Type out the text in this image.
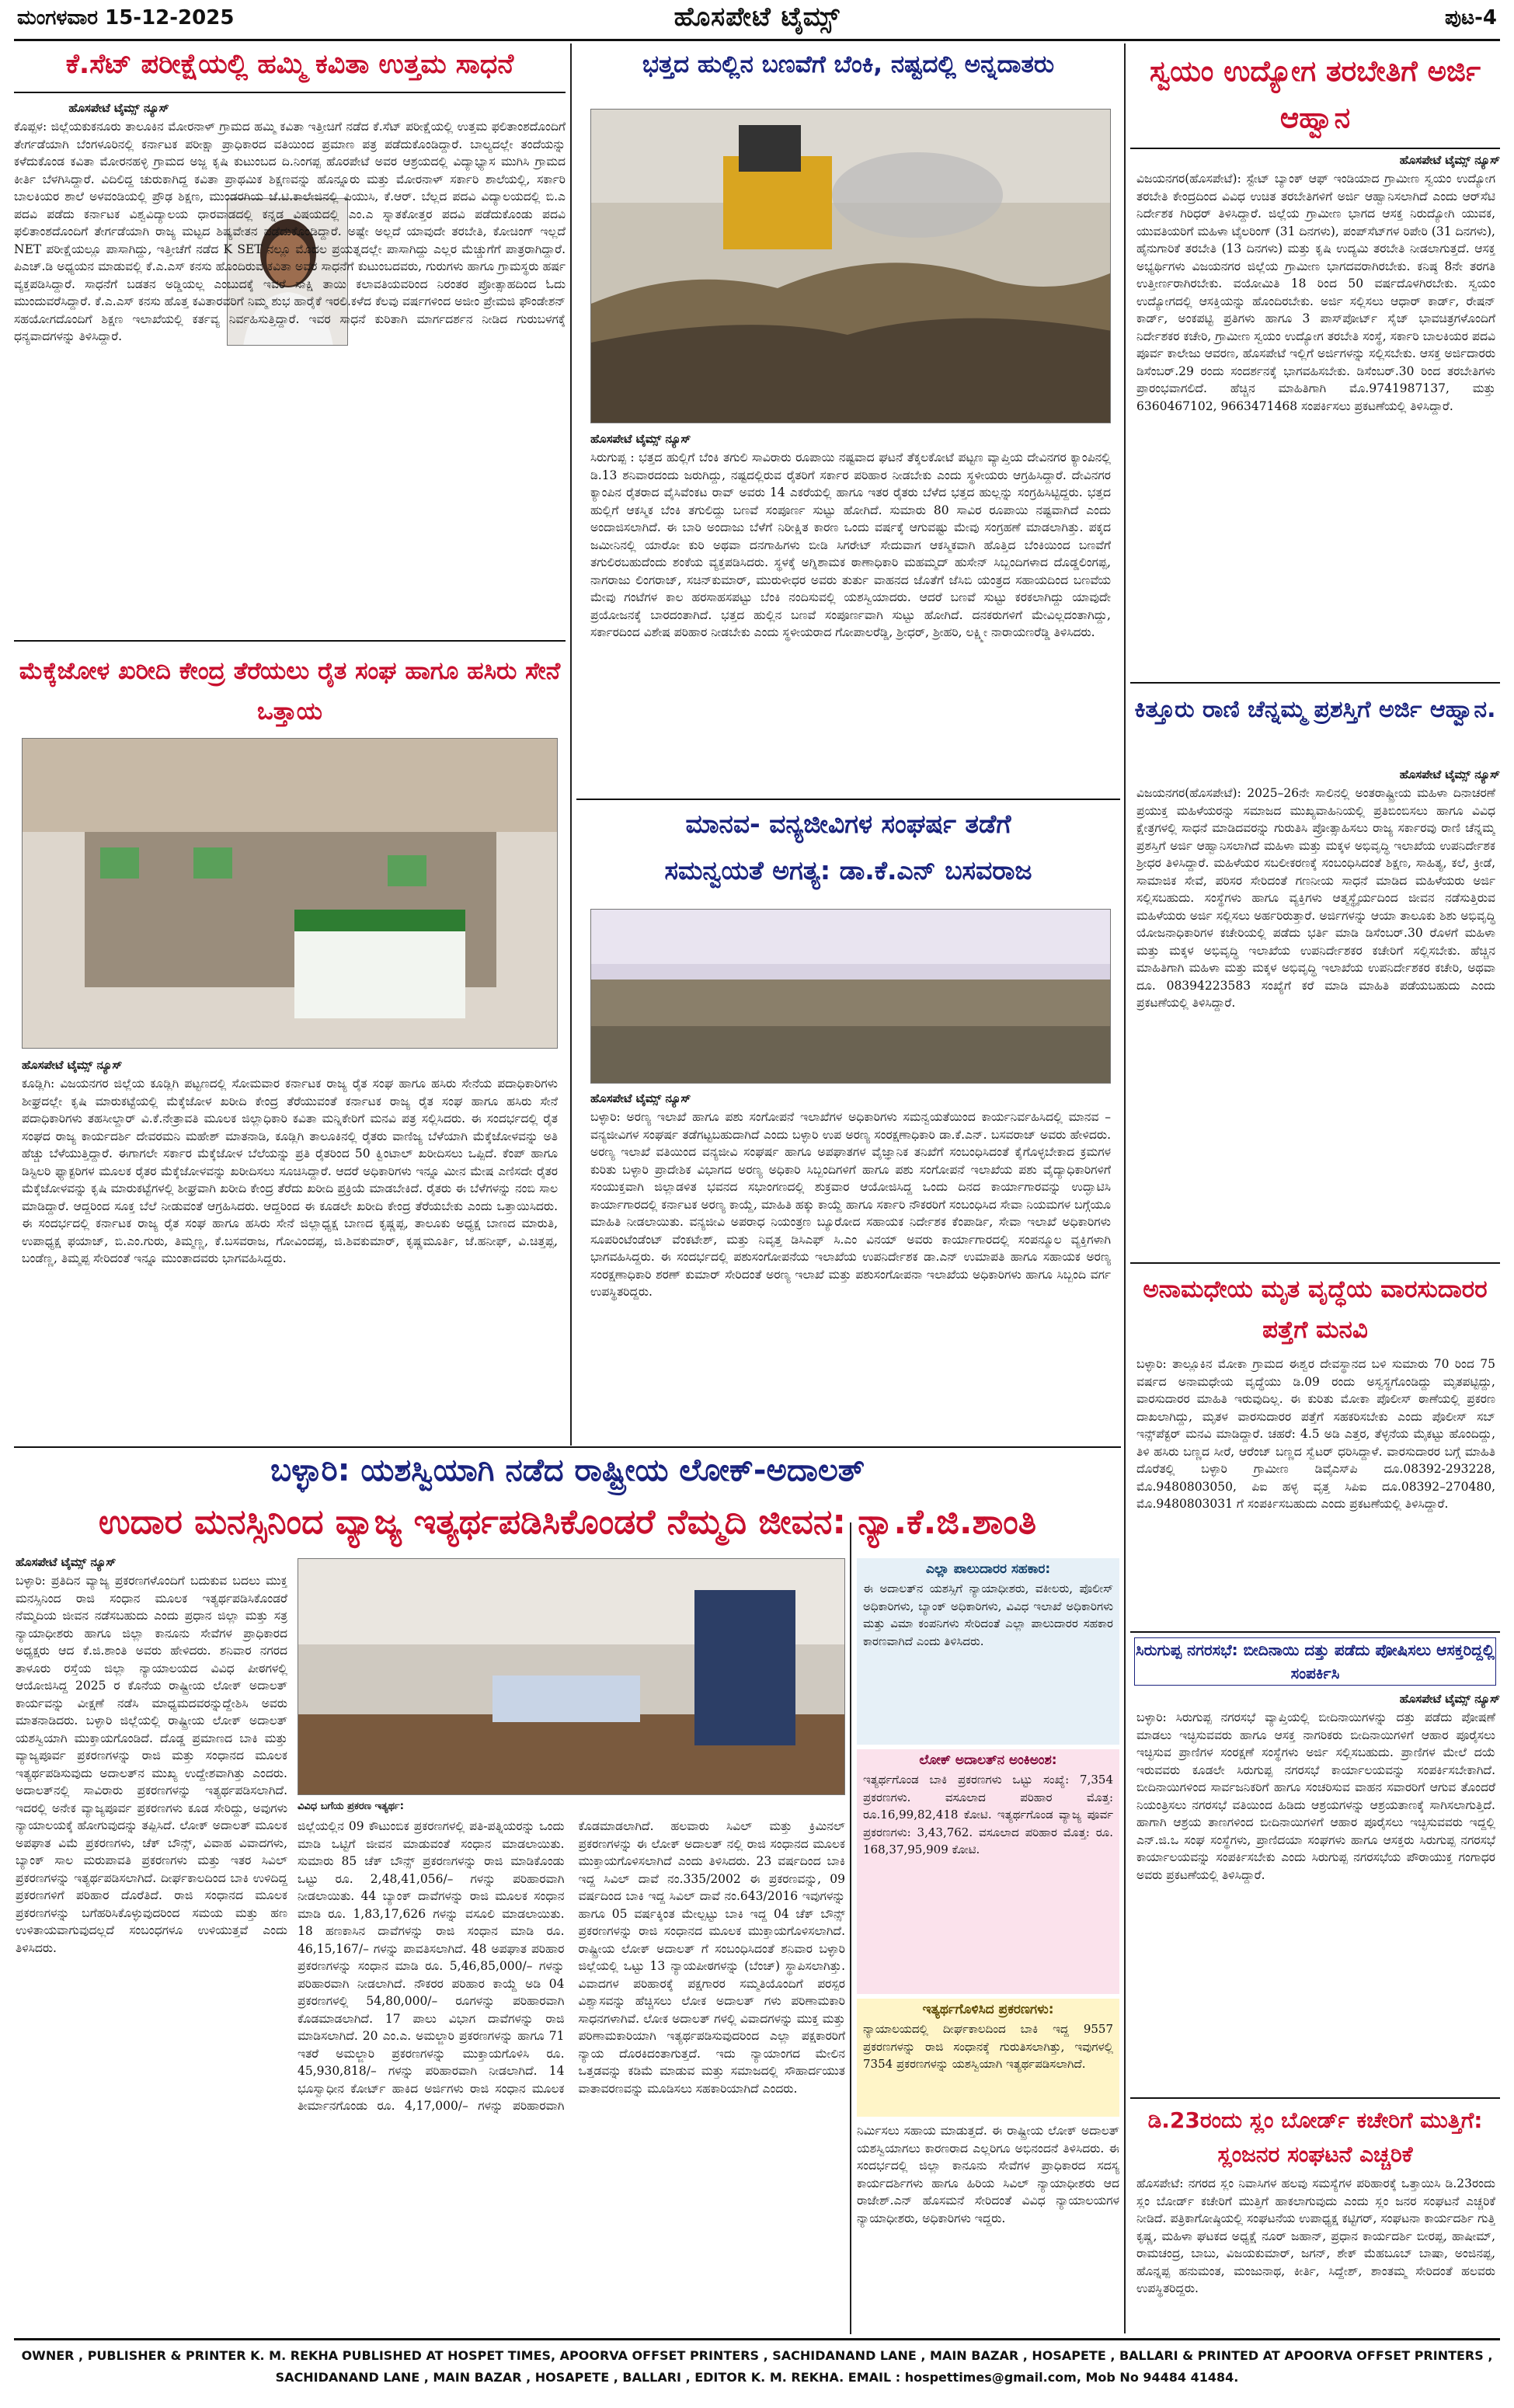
ಮಂಗಳವಾರ 15-12-2025	ಹೊಸಪೇಟೆ ಟೈಮ್ಸ್	ಪುಟ-4
ಕೆ.ಸೆಟ್ ಪರೀಕ್ಷೆಯಲ್ಲಿ ಹಮ್ಮಿ ಕವಿತಾ ಉತ್ತಮ ಸಾಧನೆ
ಹೊಸಪೇಟೆ ಟೈಮ್ಸ್ ನ್ಯೂಸ್
ಕೊಪ್ಪಳ: ಜಿಲ್ಲೆಯಕುಕನೂರು ತಾಲೂಕಿನ ಮೋರನಾಳ್ ಗ್ರಾಮದ ಹಮ್ಮಿ ಕವಿತಾ ಇತ್ತೀಚಿಗೆ ನಡೆದ ಕೆ.ಸೆಟ್ ಪರೀಕ್ಷೆಯಲ್ಲಿ ಉತ್ತಮ ಫಲಿತಾಂಶದೊಂದಿಗೆ ತೇರ್ಗಡೆಯಾಗಿ ಬೆಂಗಳೂರಿನಲ್ಲಿ ಕರ್ನಾಟಕ ಪರೀಕ್ಷಾ ಪ್ರಾಧಿಕಾರದ ವತಿಯಿಂದ ಪ್ರಮಾಣ ಪತ್ರ ಪಡೆದುಕೊಂಡಿದ್ದಾರೆ. ಬಾಲ್ಯದಲ್ಲೇ ತಂದೆಯನ್ನು ಕಳೆದುಕೊಂಡ ಕವಿತಾ ಮೋರನಹಳ್ಳಿ ಗ್ರಾಮದ ಅಜ್ಜ ಕೃಷಿ ಕುಟುಂಬದ ದಿ.ನಿಂಗಪ್ಪ ಹೊರಪೇಟೆ ಅವರ ಆಶ್ರಯದಲ್ಲಿ ವಿದ್ಯಾಭ್ಯಾಸ ಮುಗಿಸಿ ಗ್ರಾಮದ ಕೀರ್ತಿ ಬೆಳಗಿಸಿದ್ದಾರೆ. ವಿದಿಲಿದ್ದ ಚುರುಕಾಗಿದ್ದ ಕವಿತಾ ಪ್ರಾಥಮಿಕ ಶಿಕ್ಷಣವನ್ನು ಹೊನ್ನೂರು ಮತ್ತು ಮೋರನಾಳ್ ಸರ್ಕಾರಿ ಶಾಲೆಯಲ್ಲಿ, ಸರ್ಕಾರಿ ಬಾಲಕಿಯರ ಶಾಲೆ ಅಳವಂಡಿಯಲ್ಲಿ ಪ್ರೌಢ ಶಿಕ್ಷಣ, ಮುಂಡರಗಿಯ ಜೆ.ಟಿ.ಕಾಲೇಜಿನಲ್ಲಿ ಪಿಯುಸಿ, ಕೆ.ಆರ್. ಬೆಲ್ಲದ ಪದವಿ ವಿದ್ಯಾಲಯದಲ್ಲಿ ಬಿ.ಎ ಪದವಿ ಪಡೆದು ಕರ್ನಾಟಕ ವಿಶ್ವವಿದ್ಯಾಲಯ ಧಾರವಾಡದಲ್ಲಿ ಕನ್ನಡ ವಿಷಯದಲ್ಲಿ ಎಂ.ಎ ಸ್ನಾತಕೋತ್ತರ ಪದವಿ ಪಡೆದುಕೊಂಡು ಪದವಿ ಫಲಿತಾಂಶದೊಂದಿಗೆ ತೇರ್ಗಡೆಯಾಗಿ ರಾಜ್ಯ ಮಟ್ಟದ ಶಿಷ್ಯವೇತನ ಪಡೆದುಕೊಂಡಿದ್ದಾರೆ. ಅಷ್ಟೇ ಅಲ್ಲದೆ ಯಾವುದೇ ತರಬೇತಿ, ಕೋಚಿಂಗ್ ಇಲ್ಲದೆ NET ಪರೀಕ್ಷೆಯಲ್ಲೂ ಪಾಸಾಗಿದ್ದು, ಇತ್ತೀಚೆಗೆ ನಡೆದ K SET ನಲ್ಲೂ ಮೊದಲ ಪ್ರಯತ್ನದಲ್ಲೇ ಪಾಸಾಗಿದ್ದು ಎಲ್ಲರ ಮೆಚ್ಚುಗೆಗೆ ಪಾತ್ರರಾಗಿದ್ದಾರೆ. ಪಿಎಚ್.ಡಿ ಅಧ್ಯಯನ ಮಾಡುವಲ್ಲಿ ಕೆ.ಎ.ಎಸ್ ಕನಸು ಹೊಂದಿರುವ ಕವಿತಾ ಅವರ ಸಾಧನೆಗೆ ಕುಟುಂಬದವರು, ಗುರುಗಳು ಹಾಗೂ ಗ್ರಾಮಸ್ಥರು ಹರ್ಷ ವ್ಯಕ್ತಪಡಿಸಿದ್ದಾರೆ. ಸಾಧನೆಗೆ ಬಡತನ ಅಡ್ಡಿಯಲ್ಲ ಎಂಬುದಕ್ಕೆ ಇವರೆ ಸಾಕ್ಷಿ ತಾಯಿ ಕಲಾವತಿಯವರಿಂದ ನಿರಂತರ ಪ್ರೋತ್ಸಾಹದಿಂದ ಓದು ಮುಂದುವರೆಸಿದ್ದಾರೆ. ಕೆ.ಎ.ಎಸ್ ಕನಸು ಹೊತ್ತ ಕವಿತಾರವರಿಗೆ ನಿಮ್ಮ ಶುಭ ಹಾರೈಕೆ ಇರಲಿ.ಕಳೆದ ಕೆಲವು ವರ್ಷಗಳಿಂದ ಅಜೀಂ ಪ್ರೇಮಜಿ ಫೌಂಡೇಶನ್ ಸಹಯೋಗದೊಂದಿಗೆ ಶಿಕ್ಷಣ ಇಲಾಖೆಯಲ್ಲಿ ಕರ್ತವ್ಯ ನಿರ್ವಹಿಸುತ್ತಿದ್ದಾರೆ. ಇವರ ಸಾಧನೆ ಕುರಿತಾಗಿ ಮಾರ್ಗದರ್ಶನ ನೀಡಿದ ಗುರುಬಳಗಕ್ಕೆ ಧನ್ಯವಾದಗಳನ್ನು ತಿಳಿಸಿದ್ದಾರೆ.
ಭತ್ತದ ಹುಲ್ಲಿನ ಬಣವೆಗೆ ಬೆಂಕಿ, ನಷ್ಟದಲ್ಲಿ ಅನ್ನದಾತರು
ಹೊಸಪೇಟೆ ಟೈಮ್ಸ್ ನ್ಯೂಸ್
ಸಿರುಗುಪ್ಪ : ಭತ್ತದ ಹುಲ್ಲಿಗೆ ಬೆಂಕಿ ತಗುಲಿ ಸಾವಿರಾರು ರೂಪಾಯಿ ನಷ್ಟವಾದ ಘಟನೆ ತೆಕ್ಕಲಕೋಟೆ ಪಟ್ಟಣ ವ್ಯಾಪ್ತಿಯ ದೇವಿನಗರ ಕ್ಯಾಂಪಿನಲ್ಲಿ ಡಿ.13 ಶನಿವಾರದಂದು ಜರುಗಿದ್ದು, ನಷ್ಟದಲ್ಲಿರುವ ರೈತರಿಗೆ ಸರ್ಕಾರ ಪರಿಹಾರ ನೀಡಬೇಕು ಎಂದು ಸ್ಥಳೀಯರು ಆಗ್ರಹಿಸಿದ್ದಾರೆ. ದೇವಿನಗರ ಕ್ಯಾಂಪಿನ ರೈತರಾದ ವೈಸಿವೆಂಕಟ ರಾವ್ ಅವರು 14 ಎಕರೆಯಲ್ಲಿ ಹಾಗೂ ಇತರ ರೈತರು ಬೆಳೆದ ಭತ್ತದ ಹುಲ್ಲನ್ನು ಸಂಗ್ರಹಿಸಿಟ್ಟಿದ್ದರು. ಭತ್ತದ ಹುಲ್ಲಿಗೆ ಆಕಸ್ಮಿಕ ಬೆಂಕಿ ತಗುಲಿದ್ದು ಬಣವೆ ಸಂಪೂರ್ಣ ಸುಟ್ಟು ಹೋಗಿದೆ. ಸುಮಾರು 80 ಸಾವಿರ ರೂಪಾಯಿ ನಷ್ಟವಾಗಿದೆ ಎಂದು ಅಂದಾಜಿಸಲಾಗಿದೆ. ಈ ಬಾರಿ ಅಂದಾಜು ಬೆಳೆಗೆ ನಿರೀಕ್ಷಿತ ಕಾರಣ ಒಂದು ವರ್ಷಕ್ಕೆ ಆಗುವಷ್ಟು ಮೇವು ಸಂಗ್ರಹಣೆ ಮಾಡಲಾಗಿತ್ತು. ಪಕ್ಕದ ಜಮೀನಿನಲ್ಲಿ ಯಾರೋ ಕುರಿ ಅಥವಾ ದನಗಾಹಿಗಳು ಬೀಡಿ ಸಿಗರೇಟ್ ಸೇದುವಾಗ ಆಕಸ್ಮಿಕವಾಗಿ ಹೊತ್ತಿದ ಬೆಂಕಿಯಿಂದ ಬಣವೆಗೆ ತಗುಲಿರಬಹುದೆಂದು ಶಂಕೆಯ ವ್ಯಕ್ತಪಡಿಸಿದರು. ಸ್ಥಳಕ್ಕೆ ಅಗ್ನಿಶಾಮಕ ಠಾಣಾಧಿಕಾರಿ ಮಹಮ್ಮದ್ ಹುಸೇನ್ ಸಿಬ್ಬಂದಿಗಳಾದ ದೊಡ್ಡಲಿಂಗಪ್ಪ, ನಾಗರಾಜು ಲಿಂಗರಾಜ್, ಸಚಿನ್‌ಕುಮಾರ್, ಮುರುಳೀಧರ ಅವರು ತುರ್ತು ವಾಹನದ ಜೊತೆಗೆ ಜೆಸಿಬಿ ಯಂತ್ರದ ಸಹಾಯದಿಂದ ಬಣವೆಯ ಮೇವು ಗಂಟೆಗಳ ಕಾಲ ಹರಸಾಹಸಪಟ್ಟು ಬೆಂಕಿ ನಂದಿಸುವಲ್ಲಿ ಯಶಸ್ವಿಯಾದರು. ಆದರೆ ಬಣವೆ ಸುಟ್ಟು ಕರಕಲಾಗಿದ್ದು ಯಾವುದೇ ಪ್ರಯೋಜನಕ್ಕೆ ಬಾರದಂತಾಗಿದೆ. ಭತ್ತದ ಹುಲ್ಲಿನ ಬಣವೆ ಸಂಪೂರ್ಣವಾಗಿ ಸುಟ್ಟು ಹೋಗಿದೆ. ದನಕರುಗಳಿಗೆ ಮೇವಿಲ್ಲದಂತಾಗಿದ್ದು, ಸರ್ಕಾರದಿಂದ ವಿಶೇಷ ಪರಿಹಾರ ನೀಡಬೇಕು ಎಂದು ಸ್ಥಳೀಯರಾದ ಗೋಪಾಲರೆಡ್ಡಿ, ಶ್ರೀಧರ್, ಶ್ರೀಹರಿ, ಲಕ್ಷ್ಮೀ ನಾರಾಯಣರೆಡ್ಡಿ ತಿಳಿಸಿದರು.
ಮೆಕ್ಕೆಜೋಳ ಖರೀದಿ ಕೇಂದ್ರ ತೆರೆಯಲು ರೈತ ಸಂಘ ಹಾಗೂ ಹಸಿರು ಸೇನೆ ಒತ್ತಾಯ
ಹೊಸಪೇಟೆ ಟೈಮ್ಸ್ ನ್ಯೂಸ್
ಕೂಡ್ಲಿಗಿ: ವಿಜಯನಗರ ಜಿಲ್ಲೆಯ ಕೂಡ್ಲಿಗಿ ಪಟ್ಟಣದಲ್ಲಿ ಸೋಮವಾರ ಕರ್ನಾಟಕ ರಾಜ್ಯ ರೈತ ಸಂಘ ಹಾಗೂ ಹಸಿರು ಸೇನೆಯ ಪದಾಧಿಕಾರಿಗಳು ಶೀಘ್ರದಲ್ಲೇ ಕೃಷಿ ಮಾರುಕಟ್ಟೆಯಲ್ಲಿ ಮೆಕ್ಕೆಜೋಳ ಖರೀದಿ ಕೇಂದ್ರ ತೆರೆಯುವಂತೆ ಕರ್ನಾಟಕ ರಾಜ್ಯ ರೈತ ಸಂಘ ಹಾಗೂ ಹಸಿರು ಸೇನೆ ಪದಾಧಿಕಾರಿಗಳು ತಹಸೀಲ್ದಾರ್ ವಿ.ಕೆ.ನೇತ್ರಾವತಿ ಮೂಲಕ ಜಿಲ್ಲಾಧಿಕಾರಿ ಕವಿತಾ ಮನ್ನಿಕೇರಿಗೆ ಮನವಿ ಪತ್ರ ಸಲ್ಲಿಸಿದರು. ಈ ಸಂದರ್ಭದಲ್ಲಿ ರೈತ ಸಂಘದ ರಾಜ್ಯ ಕಾರ್ಯದರ್ಶಿ ದೇವರಮನಿ ಮಹೇಶ್ ಮಾತನಾಡಿ, ಕೂಡ್ಲಿಗಿ ತಾಲೂಕಿನಲ್ಲಿ ರೈತರು ವಾಣಿಜ್ಯ ಬೆಳೆಯಾಗಿ ಮೆಕ್ಕೆಜೋಳವನ್ನು ಅತಿ ಹೆಚ್ಚು ಬೆಳೆಯುತ್ತಿದ್ದಾರೆ. ಈಗಾಗಲೇ ಸರ್ಕಾರ ಮೆಕ್ಕೆಜೋಳ ಬೆಲೆಯನ್ನು ಪ್ರತಿ ರೈತರಿಂದ 50 ಕ್ವಿಂಟಾಲ್ ಖರೀದಿಸಲು ಒಪ್ಪಿದೆ. ಕೆಂಪ್ ಹಾಗೂ ಡಿಸ್ಟಿಲರಿ ಫ್ಯಾಕ್ಟರಿಗಳ ಮೂಲಕ ರೈತರ ಮೆಕ್ಕೆಜೋಳವನ್ನು ಖರೀದಿಸಲು ಸೂಚಿಸಿದ್ದಾರೆ. ಆದರೆ ಅಧಿಕಾರಿಗಳು ಇನ್ನೂ ಮೀನ ಮೇಷ ಎಣಿಸದೇ ರೈತರ ಮೆಕ್ಕೆಜೋಳವನ್ನು ಕೃಷಿ ಮಾರುಕಟ್ಟೆಗಳಲ್ಲಿ ಶೀಘ್ರವಾಗಿ ಖರೀದಿ ಕೇಂದ್ರ ತೆರೆದು ಖರೀದಿ ಪ್ರಕ್ರಿಯೆ ಮಾಡಬೇಕಿದೆ. ರೈತರು ಈ ಬೆಳೆಗಳನ್ನು ನಂಬಿ ಸಾಲ ಮಾಡಿದ್ದಾರೆ. ಆದ್ದರಿಂದ ಸೂಕ್ತ ಬೆಲೆ ನೀಡುವಂತೆ ಆಗ್ರಹಿಸಿದರು. ಆದ್ದರಿಂದ ಈ ಕೂಡಲೇ ಖರೀದಿ ಕೇಂದ್ರ ತೆರೆಯಬೇಕು ಎಂದು ಒತ್ತಾಯಿಸಿದರು. ಈ ಸಂದರ್ಭದಲ್ಲಿ ಕರ್ನಾಟಕ ರಾಜ್ಯ ರೈತ ಸಂಘ ಹಾಗೂ ಹಸಿರು ಸೇನೆ ಜಿಲ್ಲಾಧ್ಯಕ್ಷ ಬಾಣದ ಕೃಷ್ಣಪ್ಪ, ತಾಲೂಕು ಅಧ್ಯಕ್ಷ ಬಾಣದ ಮಾರುತಿ, ಉಪಾಧ್ಯಕ್ಷ ಫಯಾಜ್, ಬಿ.ಎಂ.ಗುರು, ತಿಮ್ಮಣ್ಣ, ಕೆ.ಬಸವರಾಜ, ಗೋವಿಂದಪ್ಪ, ಜಿ.ಶಿವಕುಮಾರ್, ಕೃಷ್ಣಮೂರ್ತಿ, ಜೆ.ಹನೀಫ್, ವಿ.ಚಿತ್ತಪ್ಪ, ಬಂಡೆಣ್ಣ, ತಿಮ್ಮಪ್ಪ ಸೇರಿದಂತೆ ಇನ್ನೂ ಮುಂತಾದವರು ಭಾಗವಹಿಸಿದ್ದರು.
ಮಾನವ- ವನ್ಯಜೀವಿಗಳ ಸಂಘರ್ಷ ತಡೆಗೆ
ಸಮನ್ವಯತೆ ಅಗತ್ಯ: ಡಾ.ಕೆ.ಎನ್ ಬಸವರಾಜ
ಹೊಸಪೇಟೆ ಟೈಮ್ಸ್ ನ್ಯೂಸ್
ಬಳ್ಳಾರಿ: ಅರಣ್ಯ ಇಲಾಖೆ ಹಾಗೂ ಪಶು ಸಂಗೋಪನೆ ಇಲಾಖೆಗಳ ಅಧಿಕಾರಿಗಳು ಸಮನ್ವಯತೆಯಿಂದ ಕಾರ್ಯನಿರ್ವಹಿಸಿದಲ್ಲಿ ಮಾನವ – ವನ್ಯಜೀವಿಗಳ ಸಂಘರ್ಷ ತಡೆಗಟ್ಟಬಹುದಾಗಿದೆ ಎಂದು ಬಳ್ಳಾರಿ ಉಪ ಅರಣ್ಯ ಸಂರಕ್ಷಣಾಧಿಕಾರಿ ಡಾ.ಕೆ.ಎನ್. ಬಸವರಾಜ್ ಅವರು ಹೇಳಿದರು. ಅರಣ್ಯ ಇಲಾಖೆ ವತಿಯಿಂದ ವನ್ಯಜೀವಿ ಸಂಘರ್ಷ ಹಾಗೂ ಅಪಘಾತಗಳ ವೈಜ್ಞಾನಿಕ ತನಿಖೆಗೆ ಸಂಬಂಧಿಸಿದಂತೆ ಕೈಗೊಳ್ಳಬೇಕಾದ ಕ್ರಮಗಳ ಕುರಿತು ಬಳ್ಳಾರಿ ಪ್ರಾದೇಶಿಕ ವಿಭಾಗದ ಅರಣ್ಯ ಅಧಿಕಾರಿ ಸಿಬ್ಬಂದಿಗಳಿಗೆ ಹಾಗೂ ಪಶು ಸಂಗೋಪನೆ ಇಲಾಖೆಯ ಪಶು ವೈದ್ಯಾಧಿಕಾರಿಗಳಿಗೆ ಸಂಯುಕ್ತವಾಗಿ ಜಿಲ್ಲಾಡಳಿತ ಭವನದ ಸಭಾಂಗಣದಲ್ಲಿ ಶುಕ್ರವಾರ ಆಯೋಜಿಸಿದ್ದ ಒಂದು ದಿನದ ಕಾರ್ಯಾಗಾರವನ್ನು ಉದ್ಘಾಟಿಸಿ ಕಾರ್ಯಾಗಾರದಲ್ಲಿ ಕರ್ನಾಟಕ ಅರಣ್ಯ ಕಾಯ್ದೆ, ಮಾಹಿತಿ ಹಕ್ಕು ಕಾಯ್ದೆ ಹಾಗೂ ಸರ್ಕಾರಿ ನೌಕರರಿಗೆ ಸಂಬಂಧಿಸಿದ ಸೇವಾ ನಿಯಮಗಳ ಬಗ್ಗೆಯೂ ಮಾಹಿತಿ ನೀಡಲಾಯಿತು. ವನ್ಯಜೀವಿ ಅಪರಾಧ ನಿಯಂತ್ರಣ ಬ್ಯೂರೋದ ಸಹಾಯಕ ನಿರ್ದೇಶಕ ಕೆಂಪಾರ್ಡಿ, ಸೇವಾ ಇಲಾಖೆ ಅಧಿಕಾರಿಗಳು ಸೂಪರಿಂಟೆಂಡೆಂಟ್ ವೆಂಕಟೇಶ್, ಮತ್ತು ನಿವೃತ್ತ ಡಿಸಿಎಫ್ ಸಿ.ಎಂ ವಿನಯ್ ಅವರು ಕಾರ್ಯಾಗಾರದಲ್ಲಿ ಸಂಪನ್ಮೂಲ ವ್ಯಕ್ತಿಗಳಾಗಿ ಭಾಗವಹಿಸಿದ್ದರು. ಈ ಸಂದರ್ಭದಲ್ಲಿ ಪಶುಸಂಗೋಪನೆಯ ಇಲಾಖೆಯ ಉಪನಿರ್ದೇಶಕ ಡಾ.ಎನ್ ಉಮಾಪತಿ ಹಾಗೂ ಸಹಾಯಕ ಅರಣ್ಯ ಸಂರಕ್ಷಣಾಧಿಕಾರಿ ಶರಣ್ ಕುಮಾರ್ ಸೇರಿದಂತೆ ಅರಣ್ಯ ಇಲಾಖೆ ಮತ್ತು ಪಶುಸಂಗೋಪನಾ ಇಲಾಖೆಯ ಅಧಿಕಾರಿಗಳು ಹಾಗೂ ಸಿಬ್ಬಂದಿ ವರ್ಗ ಉಪಸ್ಥಿತರಿದ್ದರು.
ಸ್ವಯಂ ಉದ್ಯೋಗ ತರಬೇತಿಗೆ ಅರ್ಜಿ ಆಹ್ವಾನ
ಹೊಸಪೇಟೆ ಟೈಮ್ಸ್ ನ್ಯೂಸ್
ವಿಜಯನಗರ(ಹೊಸಪೇಟೆ): ಸ್ಟೇಟ್ ಬ್ಯಾಂಕ್ ಆಫ್ ಇಂಡಿಯಾದ ಗ್ರಾಮೀಣ ಸ್ವಯಂ ಉದ್ಯೋಗ ತರಬೇತಿ ಕೇಂದ್ರದಿಂದ ವಿವಿಧ ಉಚಿತ ತರಬೇತಿಗಳಿಗೆ ಅರ್ಜಿ ಆಹ್ವಾನಿಸಲಾಗಿದೆ ಎಂದು ಆರ್‌ಸೆಟಿ ನಿರ್ದೇಶಕ ಗಿರಿಧರ್ ತಿಳಿಸಿದ್ದಾರೆ. ಜಿಲ್ಲೆಯ ಗ್ರಾಮೀಣ ಭಾಗದ ಆಸಕ್ತ ನಿರುದ್ಯೋಗಿ ಯುವಕ, ಯುವತಿಯರಿಗೆ ಮಹಿಳಾ ಟೈಲರಿಂಗ್ (31 ದಿನಗಳು), ಪಂಪ್‌ಸೆಟ್‌ಗಳ ರಿಪೇರಿ (31 ದಿನಗಳು), ಹೈನುಗಾರಿಕೆ ತರಬೇತಿ (13 ದಿನಗಳು) ಮತ್ತು ಕೃಷಿ ಉದ್ಯಮಿ ತರಬೇತಿ ನೀಡಲಾಗುತ್ತದೆ. ಆಸಕ್ತ ಅಭ್ಯರ್ಥಿಗಳು ವಿಜಯನಗರ ಜಿಲ್ಲೆಯ ಗ್ರಾಮೀಣ ಭಾಗದವರಾಗಿರಬೇಕು. ಕನಿಷ್ಠ 8ನೇ ತರಗತಿ ಉತ್ತೀರ್ಣರಾಗಿರಬೇಕು. ವಯೋಮಿತಿ 18 ರಿಂದ 50 ವರ್ಷದೊಳಗಿರಬೇಕು. ಸ್ವಯಂ ಉದ್ಯೋಗದಲ್ಲಿ ಆಸಕ್ತಿಯನ್ನು ಹೊಂದಿರಬೇಕು. ಅರ್ಜಿ ಸಲ್ಲಿಸಲು ಆಧಾರ್ ಕಾರ್ಡ್, ರೇಷನ್ ಕಾರ್ಡ್, ಅಂಕಪಟ್ಟಿ ಪ್ರತಿಗಳು ಹಾಗೂ 3 ಪಾಸ್‌ಪೋರ್ಟ್ ಸೈಜ್ ಭಾವಚಿತ್ರಗಳೊಂದಿಗೆ ನಿರ್ದೇಶಕರ ಕಚೇರಿ, ಗ್ರಾಮೀಣ ಸ್ವಯಂ ಉದ್ಯೋಗ ತರಬೇತಿ ಸಂಸ್ಥೆ, ಸರ್ಕಾರಿ ಬಾಲಕಿಯರ ಪದವಿ ಪೂರ್ವ ಕಾಲೇಜು ಆವರಣ, ಹೊಸಪೇಟೆ ಇಲ್ಲಿಗೆ ಅರ್ಜಿಗಳನ್ನು ಸಲ್ಲಿಸಬೇಕು. ಆಸಕ್ತ ಅರ್ಜಿದಾರರು ಡಿಸೆಂಬರ್.29 ರಂದು ಸಂದರ್ಶನಕ್ಕೆ ಭಾಗವಹಿಸಬೇಕು. ಡಿಸೆಂಬರ್.30 ರಿಂದ ತರಬೇತಿಗಳು ಪ್ರಾರಂಭವಾಗಲಿದೆ. ಹೆಚ್ಚಿನ ಮಾಹಿತಿಗಾಗಿ ಮೊ.9741987137, ಮತ್ತು 6360467102, 9663471468 ಸಂಪರ್ಕಿಸಲು ಪ್ರಕಟಣೆಯಲ್ಲಿ ತಿಳಿಸಿದ್ದಾರೆ.
ಕಿತ್ತೂರು ರಾಣಿ ಚೆನ್ನಮ್ಮ ಪ್ರಶಸ್ತಿಗೆ ಅರ್ಜಿ ಆಹ್ವಾನ.
ಹೊಸಪೇಟೆ ಟೈಮ್ಸ್ ನ್ಯೂಸ್
ವಿಜಯನಗರ(ಹೊಸಪೇಟೆ): 2025–26ನೇ ಸಾಲಿನಲ್ಲಿ ಅಂತರಾಷ್ಟ್ರೀಯ ಮಹಿಳಾ ದಿನಾಚರಣೆ ಪ್ರಯುಕ್ತ ಮಹಿಳೆಯರನ್ನು ಸಮಾಜದ ಮುಖ್ಯವಾಹಿನಿಯಲ್ಲಿ ಪ್ರತಿಬಿಂಬಿಸಲು ಹಾಗೂ ವಿವಿಧ ಕ್ಷೇತ್ರಗಳಲ್ಲಿ ಸಾಧನೆ ಮಾಡಿದವರನ್ನು ಗುರುತಿಸಿ ಪ್ರೋತ್ಸಾಹಿಸಲು ರಾಜ್ಯ ಸರ್ಕಾರವು ರಾಣಿ ಚೆನ್ನಮ್ಮ ಪ್ರಶಸ್ತಿಗೆ ಅರ್ಜಿ ಆಹ್ವಾನಿಸಲಾಗಿದೆ ಮಹಿಳಾ ಮತ್ತು ಮಕ್ಕಳ ಅಭಿವೃದ್ಧಿ ಇಲಾಖೆಯ ಉಪನಿರ್ದೇಶಕ ಶ್ರೀಧರ ತಿಳಿಸಿದ್ದಾರೆ. ಮಹಿಳೆಯರ ಸಬಲೀಕರಣಕ್ಕೆ ಸಂಬಂಧಿಸಿದಂತೆ ಶಿಕ್ಷಣ, ಸಾಹಿತ್ಯ, ಕಲೆ, ಕ್ರೀಡೆ, ಸಾಮಾಜಿಕ ಸೇವೆ, ಪರಿಸರ ಸೇರಿದಂತೆ ಗಣನೀಯ ಸಾಧನೆ ಮಾಡಿದ ಮಹಿಳೆಯರು ಅರ್ಜಿ ಸಲ್ಲಿಸಬಹುದು. ಸಂಸ್ಥೆಗಳು ಹಾಗೂ ವ್ಯಕ್ತಿಗಳು ಆತ್ಮಸ್ಥೈರ್ಯದಿಂದ ಜೀವನ ನಡೆಸುತ್ತಿರುವ ಮಹಿಳೆಯರು ಅರ್ಜಿ ಸಲ್ಲಿಸಲು ಅರ್ಹರಿರುತ್ತಾರೆ. ಅರ್ಜಿಗಳನ್ನು ಆಯಾ ತಾಲೂಕು ಶಿಶು ಅಭಿವೃದ್ಧಿ ಯೋಜನಾಧಿಕಾರಿಗಳ ಕಚೇರಿಯಲ್ಲಿ ಪಡೆದು ಭರ್ತಿ ಮಾಡಿ ಡಿಸೆಂಬರ್.30 ರೊಳಗೆ ಮಹಿಳಾ ಮತ್ತು ಮಕ್ಕಳ ಅಭಿವೃದ್ಧಿ ಇಲಾಖೆಯ ಉಪನಿರ್ದೇಶಕರ ಕಚೇರಿಗೆ ಸಲ್ಲಿಸಬೇಕು. ಹೆಚ್ಚಿನ ಮಾಹಿತಿಗಾಗಿ ಮಹಿಳಾ ಮತ್ತು ಮಕ್ಕಳ ಅಭಿವೃದ್ಧಿ ಇಲಾಖೆಯ ಉಪನಿರ್ದೇಶಕರ ಕಚೇರಿ, ಅಥವಾ ದೂ. 08394223583 ಸಂಖ್ಯೆಗೆ ಕರೆ ಮಾಡಿ ಮಾಹಿತಿ ಪಡೆಯಬಹುದು ಎಂದು ಪ್ರಕಟಣೆಯಲ್ಲಿ ತಿಳಿಸಿದ್ದಾರೆ.
ಅನಾಮಧೇಯ ಮೃತ ವೃದ್ಧೆಯ ವಾರಸುದಾರರ ಪತ್ತೆಗೆ ಮನವಿ
ಬಳ್ಳಾರಿ: ತಾಲ್ಲೂಕಿನ ಮೋಕಾ ಗ್ರಾಮದ ಈಶ್ವರ ದೇವಸ್ಥಾನದ ಬಳಿ ಸುಮಾರು 70 ರಿಂದ 75 ವರ್ಷದ ಅನಾಮಧೇಯ ವೃದ್ಧೆಯು ಡಿ.09 ರಂದು ಅಸ್ವಸ್ಥಗೊಂಡಿದ್ದು ಮೃತಪಟ್ಟಿದ್ದು, ವಾರಸುದಾರರ ಮಾಹಿತಿ ಇರುವುದಿಲ್ಲ. ಈ ಕುರಿತು ಮೋಕಾ ಪೊಲೀಸ್ ಠಾಣೆಯಲ್ಲಿ ಪ್ರಕರಣ ದಾಖಲಾಗಿದ್ದು, ಮೃತಳ ವಾರಸುದಾರರ ಪತ್ತೆಗೆ ಸಹಕರಿಸಬೇಕು ಎಂದು ಪೊಲೀಸ್ ಸಬ್ ಇನ್ಸ್‌ಪೆಕ್ಟರ್ ಮನವಿ ಮಾಡಿದ್ದಾರೆ. ಚಹರೆ: 4.5 ಅಡಿ ಎತ್ತರ, ತೆಳ್ಳನೆಯ ಮೈಕಟ್ಟು ಹೊಂದಿದ್ದು, ತಿಳಿ ಹಸಿರು ಬಣ್ಣದ ಸೀರೆ, ಆರೆಂಜ್ ಬಣ್ಣದ ಸ್ವೆಟರ್ ಧರಿಸಿದ್ದಾಳೆ. ವಾರಸುದಾರರ ಬಗ್ಗೆ ಮಾಹಿತಿ ದೊರೆತಲ್ಲಿ ಬಳ್ಳಾರಿ ಗ್ರಾಮೀಣ ಡಿವೈಎಸ್‌ಪಿ ದೂ.08392-293228, ಮೊ.9480803050, ಪಿಐ ಹಳ್ಳ ವೃತ್ತ ಸಿಪಿಐ ದೂ.08392–270480, ಮೊ.9480803031 ಗೆ ಸಂಪರ್ಕಿಸಬಹುದು ಎಂದು ಪ್ರಕಟಣೆಯಲ್ಲಿ ತಿಳಿಸಿದ್ದಾರೆ.
ಸಿರುಗುಪ್ಪ ನಗರಸಭೆ: ಬೀದಿನಾಯಿ ದತ್ತು ಪಡೆದು ಪೋಷಿಸಲು ಆಸಕ್ತರಿದ್ದಲ್ಲಿ ಸಂಪರ್ಕಿಸಿ
ಹೊಸಪೇಟೆ ಟೈಮ್ಸ್ ನ್ಯೂಸ್
ಬಳ್ಳಾರಿ: ಸಿರುಗುಪ್ಪ ನಗರಸಭೆ ವ್ಯಾಪ್ತಿಯಲ್ಲಿ ಬೀದಿನಾಯಿಗಳನ್ನು ದತ್ತು ಪಡೆದು ಪೋಷಣೆ ಮಾಡಲು ಇಚ್ಛಿಸುವವರು ಹಾಗೂ ಆಸಕ್ತ ನಾಗರಿಕರು ಬೀದಿನಾಯಿಗಳಿಗೆ ಆಹಾರ ಪೂರೈಸಲು ಇಚ್ಛಿಸುವ ಪ್ರಾಣಿಗಳ ಸಂರಕ್ಷಣೆ ಸಂಸ್ಥೆಗಳು ಅರ್ಜಿ ಸಲ್ಲಿಸಬಹುದು. ಪ್ರಾಣಿಗಳ ಮೇಲೆ ದಯೆ ಇರುವವರು ಕೂಡಲೇ ಸಿರುಗುಪ್ಪ ನಗರಸಭೆ ಕಾರ್ಯಾಲಯವನ್ನು ಸಂಪರ್ಕಿಸಬೇಕಾಗಿದೆ. ಬೀದಿನಾಯಿಗಳಿಂದ ಸಾರ್ವಜನಿಕರಿಗೆ ಹಾಗೂ ಸಂಚರಿಸುವ ವಾಹನ ಸವಾರರಿಗೆ ಆಗುವ ತೊಂದರೆ ನಿಯಂತ್ರಿಸಲು ನಗರಸಭೆ ವತಿಯಿಂದ ಹಿಡಿದು ಆಶ್ರಯಗಳನ್ನು ಆಶ್ರಯತಾಣಕ್ಕೆ ಸಾಗಿಸಲಾಗುತ್ತಿದೆ. ಹಾಗಾಗಿ ಆಶ್ರಯ ತಾಣಗಳಿಂದ ಬೀದಿನಾಯಿಗಳಿಗೆ ಆಹಾರ ಪೂರೈಸಲು ಇಚ್ಛಿಸುವವರು ಇದ್ದಲ್ಲಿ ಎನ್.ಜಿ.ಒ ಸಂಘ ಸಂಸ್ಥೆಗಳು, ಪ್ರಾಣಿದಯಾ ಸಂಘಗಳು ಹಾಗೂ ಆಸಕ್ತರು ಸಿರುಗುಪ್ಪ ನಗರಸಭೆ ಕಾರ್ಯಾಲಯವನ್ನು ಸಂಪರ್ಕಿಸಬೇಕು ಎಂದು ಸಿರುಗುಪ್ಪ ನಗರಸಭೆಯ ಪೌರಾಯುಕ್ತ ಗಂಗಾಧರ ಅವರು ಪ್ರಕಟಣೆಯಲ್ಲಿ ತಿಳಿಸಿದ್ದಾರೆ.
ಡಿ.23ರಂದು ಸ್ಲಂ ಬೋರ್ಡ್ ಕಚೇರಿಗೆ ಮುತ್ತಿಗೆ: ಸ್ಲಂಜನರ ಸಂಘಟನೆ ಎಚ್ಚರಿಕೆ
ಹೊಸಪೇಟೆ: ನಗರದ ಸ್ಲಂ ನಿವಾಸಿಗಳ ಹಲವು ಸಮಸ್ಯೆಗಳ ಪರಿಹಾರಕ್ಕೆ ಒತ್ತಾಯಿಸಿ ಡಿ.23ರಂದು ಸ್ಲಂ ಬೋರ್ಡ್ ಕಚೇರಿಗೆ ಮುತ್ತಿಗೆ ಹಾಕಲಾಗುವುದು ಎಂದು ಸ್ಲಂ ಜನರ ಸಂಘಟನೆ ಎಚ್ಚರಿಕೆ ನೀಡಿದೆ. ಪತ್ರಿಕಾಗೋಷ್ಠಿಯಲ್ಲಿ ಸಂಘಟನೆಯ ಉಪಾಧ್ಯಕ್ಷ ಕಟ್ಟಿಗರ್, ಸಂಘಟನಾ ಕಾರ್ಯದರ್ಶಿ ಗುತ್ತಿ ಕೃಷ್ಣ, ಮಹಿಳಾ ಘಟಕದ ಅಧ್ಯಕ್ಷೆ ನೂರ್ ಜಹಾನ್, ಪ್ರಧಾನ ಕಾರ್ಯದರ್ಶಿ ಬೀರಪ್ಪ, ಹಾಷೀಮ್, ರಾಮಚಂದ್ರ, ಬಾಬು, ವಿಜಯಕುಮಾರ್, ಜಗನ್, ಶೇಕ್ ಮೆಹಬೂಬ್ ಬಾಷಾ, ಅಂಜಿನಪ್ಪ, ಹೊನ್ನಪ್ಪ ಹನುಮಂತ, ಮಂಜುನಾಥ, ಕೀರ್ತಿ, ಸಿದ್ದೇಶ್, ಶಾಂತಮ್ಮ ಸೇರಿದಂತೆ ಹಲವರು ಉಪಸ್ಥಿತರಿದ್ದರು.
ಬಳ್ಳಾರಿ: ಯಶಸ್ವಿಯಾಗಿ ನಡೆದ ರಾಷ್ಟ್ರೀಯ ಲೋಕ್-ಅದಾಲತ್
ಉದಾರ ಮನಸ್ಸಿನಿಂದ ವ್ಯಾಜ್ಯ ಇತ್ಯರ್ಥಪಡಿಸಿಕೊಂಡರೆ ನೆಮ್ಮದಿ ಜೀವನ: ನ್ಯಾ.ಕೆ.ಜಿ.ಶಾಂತಿ
ಹೊಸಪೇಟೆ ಟೈಮ್ಸ್ ನ್ಯೂಸ್
ಬಳ್ಳಾರಿ: ಪ್ರತಿದಿನ ವ್ಯಾಜ್ಯ ಪ್ರಕರಣಗಳೊಂದಿಗೆ ಬದುಕುವ ಬದಲು ಮುಕ್ತ ಮನಸ್ಸಿನಿಂದ ರಾಜಿ ಸಂಧಾನ ಮೂಲಕ ಇತ್ಯರ್ಥಪಡಿಸಿಕೊಂಡರೆ ನೆಮ್ಮದಿಯ ಜೀವನ ನಡೆಸಬಹುದು ಎಂದು ಪ್ರಧಾನ ಜಿಲ್ಲಾ ಮತ್ತು ಸತ್ರ ನ್ಯಾಯಾಧೀಶರು ಹಾಗೂ ಜಿಲ್ಲಾ ಕಾನೂನು ಸೇವೆಗಳ ಪ್ರಾಧಿಕಾರದ ಅಧ್ಯಕ್ಷರು ಆದ ಕೆ.ಜಿ.ಶಾಂತಿ ಅವರು ಹೇಳಿದರು. ಶನಿವಾರ ನಗರದ ತಾಳೂರು ರಸ್ತೆಯ ಜಿಲ್ಲಾ ನ್ಯಾಯಾಲಯದ ವಿವಿಧ ಪೀಠಗಳಲ್ಲಿ ಆಯೋಜಿಸಿದ್ದ 2025 ರ ಕೊನೆಯ ರಾಷ್ಟ್ರೀಯ ಲೋಕ್ ಅದಾಲತ್ ಕಾರ್ಯವನ್ನು ವೀಕ್ಷಣೆ ನಡೆಸಿ ಮಾಧ್ಯಮದವರನ್ನುದ್ದೇಶಿಸಿ ಅವರು ಮಾತನಾಡಿದರು. ಬಳ್ಳಾರಿ ಜಿಲ್ಲೆಯಲ್ಲಿ ರಾಷ್ಟ್ರೀಯ ಲೋಕ್ ಅದಾಲತ್ ಯಶಸ್ವಿಯಾಗಿ ಮುಕ್ತಾಯಗೊಂಡಿದೆ. ದೊಡ್ಡ ಪ್ರಮಾಣದ ಬಾಕಿ ಮತ್ತು ವ್ಯಾಜ್ಯಪೂರ್ವ ಪ್ರಕರಣಗಳನ್ನು ರಾಜಿ ಮತ್ತು ಸಂಧಾನದ ಮೂಲಕ ಇತ್ಯರ್ಥಪಡಿಸುವುದು ಅದಾಲತ್‌ನ ಮುಖ್ಯ ಉದ್ದೇಶವಾಗಿತ್ತು ಎಂದರು. ಅದಾಲತ್‌ನಲ್ಲಿ ಸಾವಿರಾರು ಪ್ರಕರಣಗಳನ್ನು ಇತ್ಯರ್ಥಪಡಿಸಲಾಗಿದೆ. ಇದರಲ್ಲಿ ಅನೇಕ ವ್ಯಾಜ್ಯಪೂರ್ವ ಪ್ರಕರಣಗಳು ಕೂಡ ಸೇರಿದ್ದು, ಅವುಗಳು ನ್ಯಾಯಾಲಯಕ್ಕೆ ಹೋಗುವುದನ್ನು ತಪ್ಪಿಸಿದೆ. ಲೋಕ್ ಅದಾಲತ್ ಮೂಲಕ ಅಪಘಾತ ವಿಮೆ ಪ್ರಕರಣಗಳು, ಚೆಕ್ ಬೌನ್ಸ್, ವಿವಾಹ ವಿವಾದಗಳು, ಬ್ಯಾಂಕ್ ಸಾಲ ಮರುಪಾವತಿ ಪ್ರಕರಣಗಳು ಮತ್ತು ಇತರ ಸಿವಿಲ್ ಪ್ರಕರಣಗಳನ್ನು ಇತ್ಯರ್ಥಪಡಿಸಲಾಗಿದೆ. ದೀರ್ಘಕಾಲದಿಂದ ಬಾಕಿ ಉಳಿದಿದ್ದ ಪ್ರಕರಣಗಳಿಗೆ ಪರಿಹಾರ ದೊರೆತಿದೆ. ರಾಜಿ ಸಂಧಾನದ ಮೂಲಕ ಪ್ರಕರಣಗಳನ್ನು ಬಗೆಹರಿಸಿಕೊಳ್ಳುವುದರಿಂದ ಸಮಯ ಮತ್ತು ಹಣ ಉಳಿತಾಯವಾಗುವುದಲ್ಲದೆ ಸಂಬಂಧಗಳೂ ಉಳಿಯುತ್ತವೆ ಎಂದು ತಿಳಿಸಿದರು.
ವಿವಿಧ ಬಗೆಯ ಪ್ರಕರಣ ಇತ್ಯರ್ಥ:
ಜಿಲ್ಲೆಯಲ್ಲಿನ 09 ಕೌಟುಂಬಿಕ ಪ್ರಕರಣಗಳಲ್ಲಿ ಪತಿ-ಪತ್ನಿಯರನ್ನು ಒಂದು ಮಾಡಿ ಒಟ್ಟಿಗೆ ಜೀವನ ಮಾಡುವಂತೆ ಸಂಧಾನ ಮಾಡಲಾಯಿತು. ಸುಮಾರು 85 ಚೆಕ್ ಬೌನ್ಸ್ ಪ್ರಕರಣಗಳನ್ನು ರಾಜಿ ಮಾಡಿಕೊಂಡು ಒಟ್ಟು ರೂ. 2,48,41,056/– ಗಳನ್ನು ಪರಿಹಾರವಾಗಿ ನೀಡಲಾಯಿತು. 44 ಬ್ಯಾಂಕ್ ದಾವೆಗಳನ್ನು ರಾಜಿ ಮೂಲಕ ಸಂಧಾನ ಮಾಡಿ ರೂ. 1,83,17,626 ಗಳನ್ನು ವಸೂಲಿ ಮಾಡಲಾಯಿತು. 18 ಹಣಕಾಸಿನ ದಾವೆಗಳನ್ನು ರಾಜಿ ಸಂಧಾನ ಮಾಡಿ ರೂ. 46,15,167/– ಗಳನ್ನು ಪಾವತಿಸಲಾಗಿದೆ. 48 ಅಪಘಾತ ಪರಿಹಾರ ಪ್ರಕರಣಗಳನ್ನು ಸಂಧಾನ ಮಾಡಿ ರೂ. 5,46,85,000/– ಗಳನ್ನು ಪರಿಹಾರವಾಗಿ ನೀಡಲಾಗಿದೆ. ನೌಕರರ ಪರಿಹಾರ ಕಾಯ್ದೆ ಅಡಿ 04 ಪ್ರಕರಣಗಳಲ್ಲಿ 54,80,000/– ರೂಗಳನ್ನು ಪರಿಹಾರವಾಗಿ ಕೊಡಮಾಡಲಾಗಿದೆ. 17 ಪಾಲು ವಿಭಾಗ ದಾವೆಗಳನ್ನು ರಾಜಿ ಮಾಡಿಸಲಾಗಿದೆ. 20 ಎಂ.ಎ. ಅಮಲ್ಜಾರಿ ಪ್ರಕರಣಗಳನ್ನು ಹಾಗೂ 71 ಇತರೆ ಅಮಲ್ಜಾರಿ ಪ್ರಕರಣಗಳನ್ನು ಮುಕ್ತಾಯಗೊಳಿಸಿ ರೂ. 45,930,818/– ಗಳನ್ನು ಪರಿಹಾರವಾಗಿ ನೀಡಲಾಗಿದೆ. 14 ಭೂಸ್ವಾಧೀನ ಕೋರ್ಟ್ ಹಾಕಿದ ಅರ್ಜಿಗಳು ರಾಜಿ ಸಂಧಾನ ಮೂಲಕ ತೀರ್ಮಾನಗೊಂಡು ರೂ. 4,17,000/– ಗಳನ್ನು ಪರಿಹಾರವಾಗಿ ಕೊಡಮಾಡಲಾಗಿದೆ. ಹಲವಾರು ಸಿವಿಲ್ ಮತ್ತು ಕ್ರಿಮಿನಲ್ ಪ್ರಕರಣಗಳನ್ನು ಈ ಲೋಕ್ ಅದಾಲತ್ ನಲ್ಲಿ ರಾಜಿ ಸಂಧಾನದ ಮೂಲಕ ಮುಕ್ತಾಯಗೊಳಿಸಲಾಗಿದೆ ಎಂದು ತಿಳಿಸಿದರು. 23 ವರ್ಷದಿಂದ ಬಾಕಿ ಇದ್ದ ಸಿವಿಲ್ ದಾವೆ ನಂ.335/2002 ಈ ಪ್ರಕರಣವನ್ನು, 09 ವರ್ಷದಿಂದ ಬಾಕಿ ಇದ್ದ ಸಿವಿಲ್ ದಾವೆ ನಂ.643/2016 ಇವುಗಳನ್ನು ಹಾಗೂ 05 ವರ್ಷಕ್ಕಿಂತ ಮೇಲ್ಪಟ್ಟು ಬಾಕಿ ಇದ್ದ 04 ಚೆಕ್ ಬೌನ್ಸ್ ಪ್ರಕರಣಗಳನ್ನು ರಾಜಿ ಸಂಧಾನದ ಮೂಲಕ ಮುಕ್ತಾಯಗೊಳಿಸಲಾಗಿದೆ. ರಾಷ್ಟ್ರೀಯ ಲೋಕ್ ಅದಾಲತ್ ಗೆ ಸಂಬಂಧಿಸಿದಂತೆ ಶನಿವಾರ ಬಳ್ಳಾರಿ ಜಿಲ್ಲೆಯಲ್ಲಿ ಒಟ್ಟು 13 ನ್ಯಾಯಪೀಠಗಳನ್ನು (ಬೆಂಚ್) ಸ್ಥಾಪಿಸಲಾಗಿತ್ತು. ವಿವಾದಗಳ ಪರಿಹಾರಕ್ಕೆ ಪಕ್ಷಗಾರರ ಸಮ್ಮತಿಯೊಂದಿಗೆ ಪರಸ್ಪರ ವಿಶ್ವಾಸವನ್ನು ಹೆಚ್ಚಿಸಲು ಲೋಕ ಅದಾಲತ್ ಗಳು ಪರಿಣಾಮಕಾರಿ ಸಾಧನಗಳಾಗಿವೆ. ಲೋಕ ಅದಾಲತ್ ಗಳಲ್ಲಿ ವಿವಾದಗಳನ್ನು ಮುಕ್ತ ಮತ್ತು ಪರಿಣಾಮಕಾರಿಯಾಗಿ ಇತ್ಯರ್ಥಪಡಿಸುವುದರಿಂದ ಎಲ್ಲಾ ಪಕ್ಷಕಾರರಿಗೆ ನ್ಯಾಯ ದೊರಕಿದಂತಾಗುತ್ತದೆ. ಇದು ನ್ಯಾಯಾಂಗದ ಮೇಲಿನ ಒತ್ತಡವನ್ನು ಕಡಿಮೆ ಮಾಡುವ ಮತ್ತು ಸಮಾಜದಲ್ಲಿ ಸೌಹಾರ್ದಯುತ ವಾತಾವರಣವನ್ನು ಮೂಡಿಸಲು ಸಹಕಾರಿಯಾಗಿದೆ ಎಂದರು.
ಎಲ್ಲಾ ಪಾಲುದಾರರ ಸಹಕಾರ:
ಈ ಅದಾಲತ್‌ನ ಯಶಸ್ಸಿಗೆ ನ್ಯಾಯಾಧೀಶರು, ವಕೀಲರು, ಪೊಲೀಸ್ ಅಧಿಕಾರಿಗಳು, ಬ್ಯಾಂಕ್ ಅಧಿಕಾರಿಗಳು, ವಿವಿಧ ಇಲಾಖೆ ಅಧಿಕಾರಿಗಳು ಮತ್ತು ವಿಮಾ ಕಂಪನಿಗಳು ಸೇರಿದಂತೆ ಎಲ್ಲಾ ಪಾಲುದಾರರ ಸಹಕಾರ ಕಾರಣವಾಗಿದೆ ಎಂದು ತಿಳಿಸಿದರು.
ಲೋಕ್ ಅದಾಲತ್‌ನ ಅಂಕಿಅಂಶ:
ಇತ್ಯರ್ಥಗೊಂಡ ಬಾಕಿ ಪ್ರಕರಣಗಳು ಒಟ್ಟು ಸಂಖ್ಯೆ: 7,354 ಪ್ರಕರಣಗಳು. ವಸೂಲಾದ ಪರಿಹಾರ ಮೊತ್ತ: ರೂ.16,99,82,418 ಕೋಟಿ. ಇತ್ಯರ್ಥಗೊಂಡ ವ್ಯಾಜ್ಯ ಪೂರ್ವ ಪ್ರಕರಣಗಳು: 3,43,762. ವಸೂಲಾದ ಪರಿಹಾರ ಮೊತ್ತ: ರೂ. 168,37,95,909 ಕೋಟಿ.
ಇತ್ಯರ್ಥಗೊಳಿಸಿದ ಪ್ರಕರಣಗಳು:
ನ್ಯಾಯಾಲಯದಲ್ಲಿ ದೀರ್ಘಕಾಲದಿಂದ ಬಾಕಿ ಇದ್ದ 9557 ಪ್ರಕರಣಗಳನ್ನು ರಾಜಿ ಸಂಧಾನಕ್ಕೆ ಗುರುತಿಸಲಾಗಿತ್ತು, ಇವುಗಳಲ್ಲಿ 7354 ಪ್ರಕರಣಗಳನ್ನು ಯಶಸ್ವಿಯಾಗಿ ಇತ್ಯರ್ಥಪಡಿಸಲಾಗಿದೆ.
ನಿರ್ಮಿಸಲು ಸಹಾಯ ಮಾಡುತ್ತದೆ. ಈ ರಾಷ್ಟ್ರೀಯ ಲೋಕ್ ಅದಾಲತ್ ಯಶಸ್ವಿಯಾಗಲು ಕಾರಣರಾದ ಎಲ್ಲರಿಗೂ ಅಭಿನಂದನೆ ತಿಳಿಸಿದರು. ಈ ಸಂದರ್ಭದಲ್ಲಿ ಜಿಲ್ಲಾ ಕಾನೂನು ಸೇವೆಗಳ ಪ್ರಾಧಿಕಾರದ ಸದಸ್ಯ ಕಾರ್ಯದರ್ಶಿಗಳು ಹಾಗೂ ಹಿರಿಯ ಸಿವಿಲ್ ನ್ಯಾಯಾಧೀಶರು ಆದ ರಾಜೇಶ್.ಎನ್ ಹೊಸಮನೆ ಸೇರಿದಂತೆ ವಿವಿಧ ನ್ಯಾಯಾಲಯಗಳ ನ್ಯಾಯಾಧೀಶರು, ಅಧಿಕಾರಿಗಳು ಇದ್ದರು.
OWNER , PUBLISHER & PRINTER K. M. REKHA PUBLISHED AT HOSPET TIMES, APOORVA OFFSET PRINTERS , SACHIDANAND LANE , MAIN BAZAR , HOSAPETE , BALLARI & PRINTED AT APOORVA OFFSET PRINTERS ,
SACHIDANAND LANE , MAIN BAZAR , HOSAPETE , BALLARI , EDITOR K. M. REKHA. EMAIL : hospettimes@gmail.com, Mob No 94484 41484.
